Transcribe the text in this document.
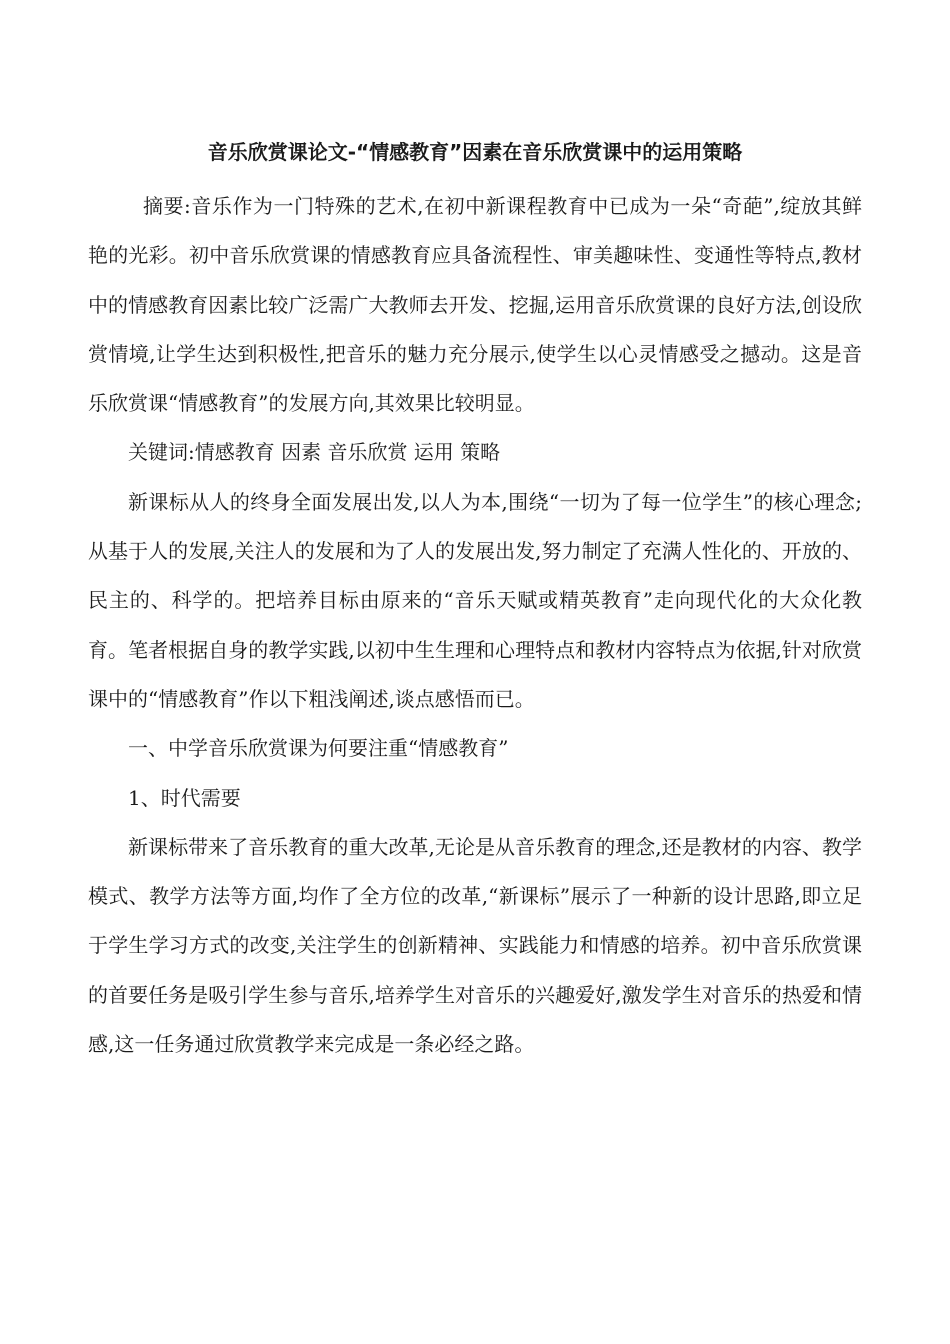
音乐欣赏课论文-“情感教育”因素在音乐欣赏课中的运用策略

摘要:音乐作为一门特殊的艺术,在初中新课程教育中已成为一朵“奇葩”,绽放其鲜艳的光彩。初中音乐欣赏课的情感教育应具备流程性、审美趣味性、变通性等特点,教材中的情感教育因素比较广泛需广大教师去开发、挖掘,运用音乐欣赏课的良好方法,创设欣赏情境,让学生达到积极性,把音乐的魅力充分展示,使学生以心灵情感受之撼动。这是音乐欣赏课“情感教育”的发展方向,其效果比较明显。

关键词:情感教育 因素 音乐欣赏 运用 策略

新课标从人的终身全面发展出发,以人为本,围绕“一切为了每一位学生”的核心理念;从基于人的发展,关注人的发展和为了人的发展出发,努力制定了充满人性化的、开放的、民主的、科学的。把培养目标由原来的“音乐天赋或精英教育”走向现代化的大众化教育。笔者根据自身的教学实践,以初中生生理和心理特点和教材内容特点为依据,针对欣赏课中的“情感教育”作以下粗浅阐述,谈点感悟而已。

一、中学音乐欣赏课为何要注重“情感教育”

1、时代需要

新课标带来了音乐教育的重大改革,无论是从音乐教育的理念,还是教材的内容、教学模式、教学方法等方面,均作了全方位的改革,“新课标”展示了一种新的设计思路,即立足于学生学习方式的改变,关注学生的创新精神、实践能力和情感的培养。初中音乐欣赏课的首要任务是吸引学生参与音乐,培养学生对音乐的兴趣爱好,激发学生对音乐的热爱和情感,这一任务通过欣赏教学来完成是一条必经之路。
